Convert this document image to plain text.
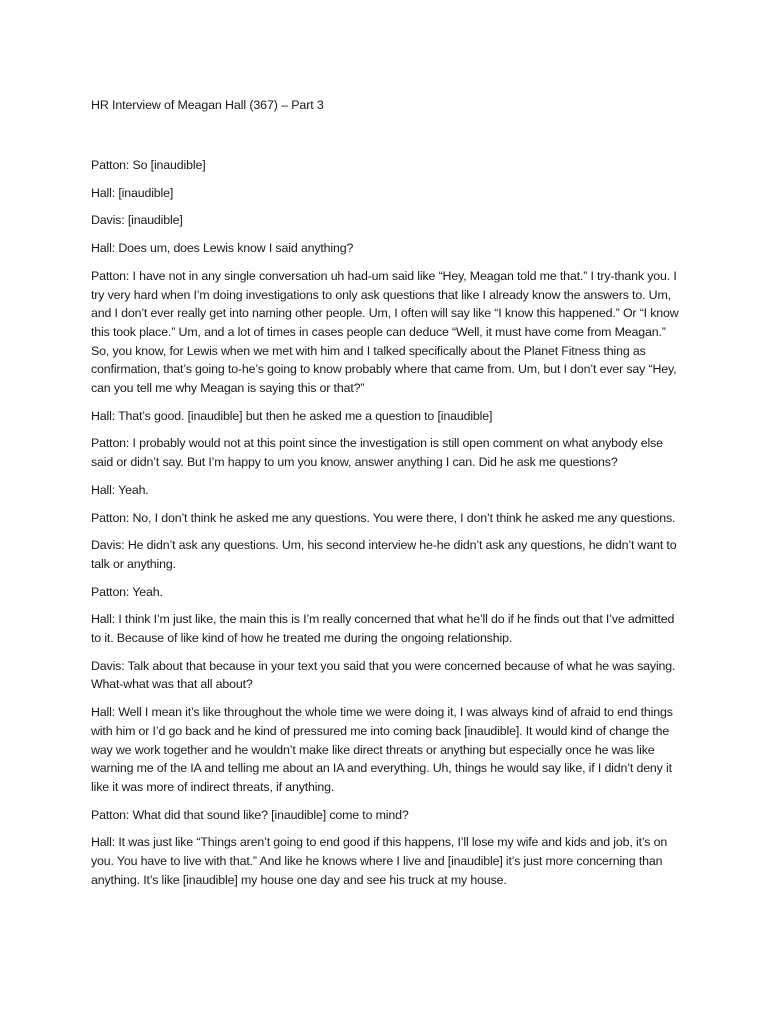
HR Interview of Meagan Hall (367) – Part 3
Patton: So [inaudible]
Hall: [inaudible]
Davis: [inaudible]
Hall: Does um, does Lewis know I said anything?
Patton: I have not in any single conversation uh had-um said like “Hey, Meagan told me that.” I try-thank you. I try very hard when I’m doing investigations to only ask questions that like I already know the answers to. Um, and I don’t ever really get into naming other people. Um, I often will say like “I know this happened.” Or “I know this took place.” Um, and a lot of times in cases people can deduce “Well, it must have come from Meagan.” So, you know, for Lewis when we met with him and I talked specifically about the Planet Fitness thing as confirmation, that’s going to-he’s going to know probably where that came from. Um, but I don’t ever say “Hey, can you tell me why Meagan is saying this or that?”
Hall: That’s good. [inaudible] but then he asked me a question to [inaudible]
Patton: I probably would not at this point since the investigation is still open comment on what anybody else said or didn’t say. But I’m happy to um you know, answer anything I can. Did he ask me questions?
Hall: Yeah.
Patton: No, I don’t think he asked me any questions. You were there, I don’t think he asked me any questions.
Davis: He didn’t ask any questions. Um, his second interview he-he didn’t ask any questions, he didn’t want to talk or anything.
Patton: Yeah.
Hall: I think I’m just like, the main this is I’m really concerned that what he’ll do if he finds out that I’ve admitted to it. Because of like kind of how he treated me during the ongoing relationship.
Davis: Talk about that because in your text you said that you were concerned because of what he was saying. What-what was that all about?
Hall: Well I mean it’s like throughout the whole time we were doing it, I was always kind of afraid to end things with him or I’d go back and he kind of pressured me into coming back [inaudible]. It would kind of change the way we work together and he wouldn’t make like direct threats or anything but especially once he was like warning me of the IA and telling me about an IA and everything. Uh, things he would say like, if I didn’t deny it like it was more of indirect threats, if anything.
Patton: What did that sound like? [inaudible] come to mind?
Hall: It was just like “Things aren’t going to end good if this happens, I’ll lose my wife and kids and job, it’s on you. You have to live with that.” And like he knows where I live and [inaudible] it’s just more concerning than anything. It’s like [inaudible] my house one day and see his truck at my house.
